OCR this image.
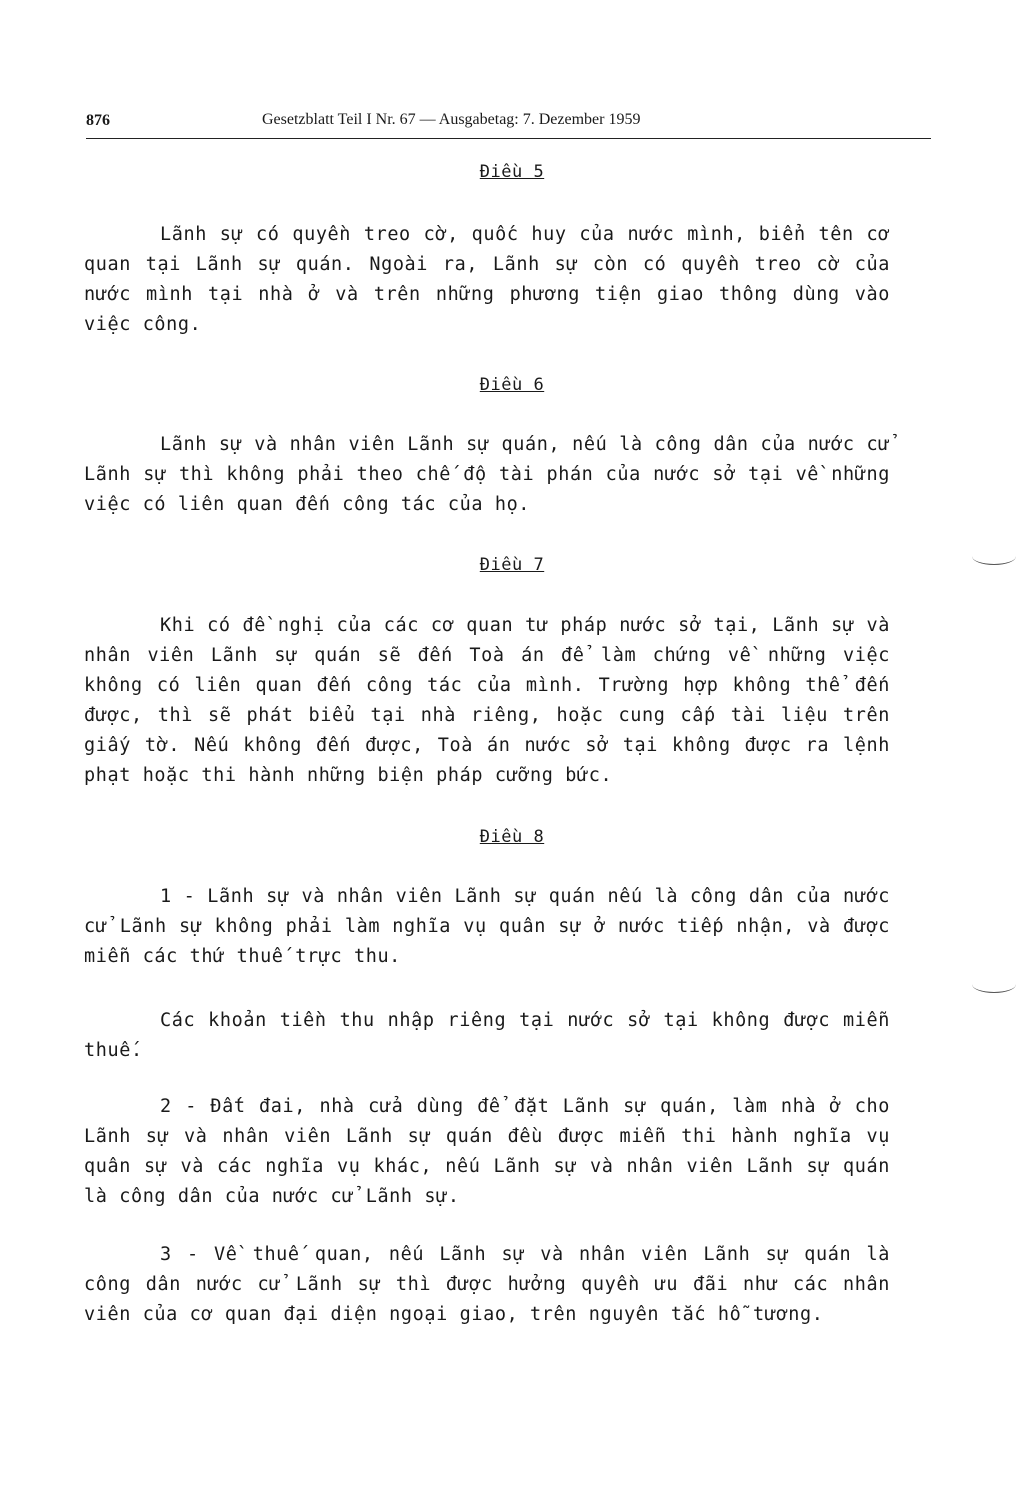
876	Gesetzblatt Teil I Nr. 67 — Ausgabetag: 7. Dezember 1959
Điều 5

Lãnh sự có quyền treo cờ, quốc huy của nước mình, biển tên cơ quan tại Lãnh sự quán. Ngoài ra, Lãnh sự còn có quyền treo cờ của nước mình tại nhà ở và trên những phương tiện giao thông dùng vào việc công.

Điều 6

Lãnh sự và nhân viên Lãnh sự quán, nếu là công dân của nước cử Lãnh sự thì không phải theo chế độ tài phán của nước sở tại về những việc có liên quan đến công tác của họ.

Điều 7

Khi có đề nghị của các cơ quan tư pháp nước sở tại, Lãnh sự và nhân viên Lãnh sự quán sẽ đến Toà án để làm chứng về những việc không có liên quan đến công tác của mình. Trường hợp không thể đến được, thì sẽ phát biểu tại nhà riêng, hoặc cung cấp tài liệu trên giấy tờ. Nếu không đến được, Toà án nước sở tại không được ra lệnh phạt hoặc thi hành những biện pháp cưỡng bức.

Điều 8

1 - Lãnh sự và nhân viên Lãnh sự quán nếu là công dân của nước cử Lãnh sự không phải làm nghĩa vụ quân sự ở nước tiếp nhận, và được miễn các thứ thuế trực thu.

Các khoản tiền thu nhập riêng tại nước sở tại không được miễn thuế.

2 - Đất đai, nhà cửa dùng để đặt Lãnh sự quán, làm nhà ở cho Lãnh sự và nhân viên Lãnh sự quán đều được miễn thi hành nghĩa vụ quân sự và các nghĩa vụ khác, nếu Lãnh sự và nhân viên Lãnh sự quán là công dân của nước cử Lãnh sự.

3 - Về thuế quan, nếu Lãnh sự và nhân viên Lãnh sự quán là công dân nước cử Lãnh sự thì được hưởng quyền ưu đãi như các nhân viên của cơ quan đại diện ngoại giao, trên nguyên tắc hỗ tương.
